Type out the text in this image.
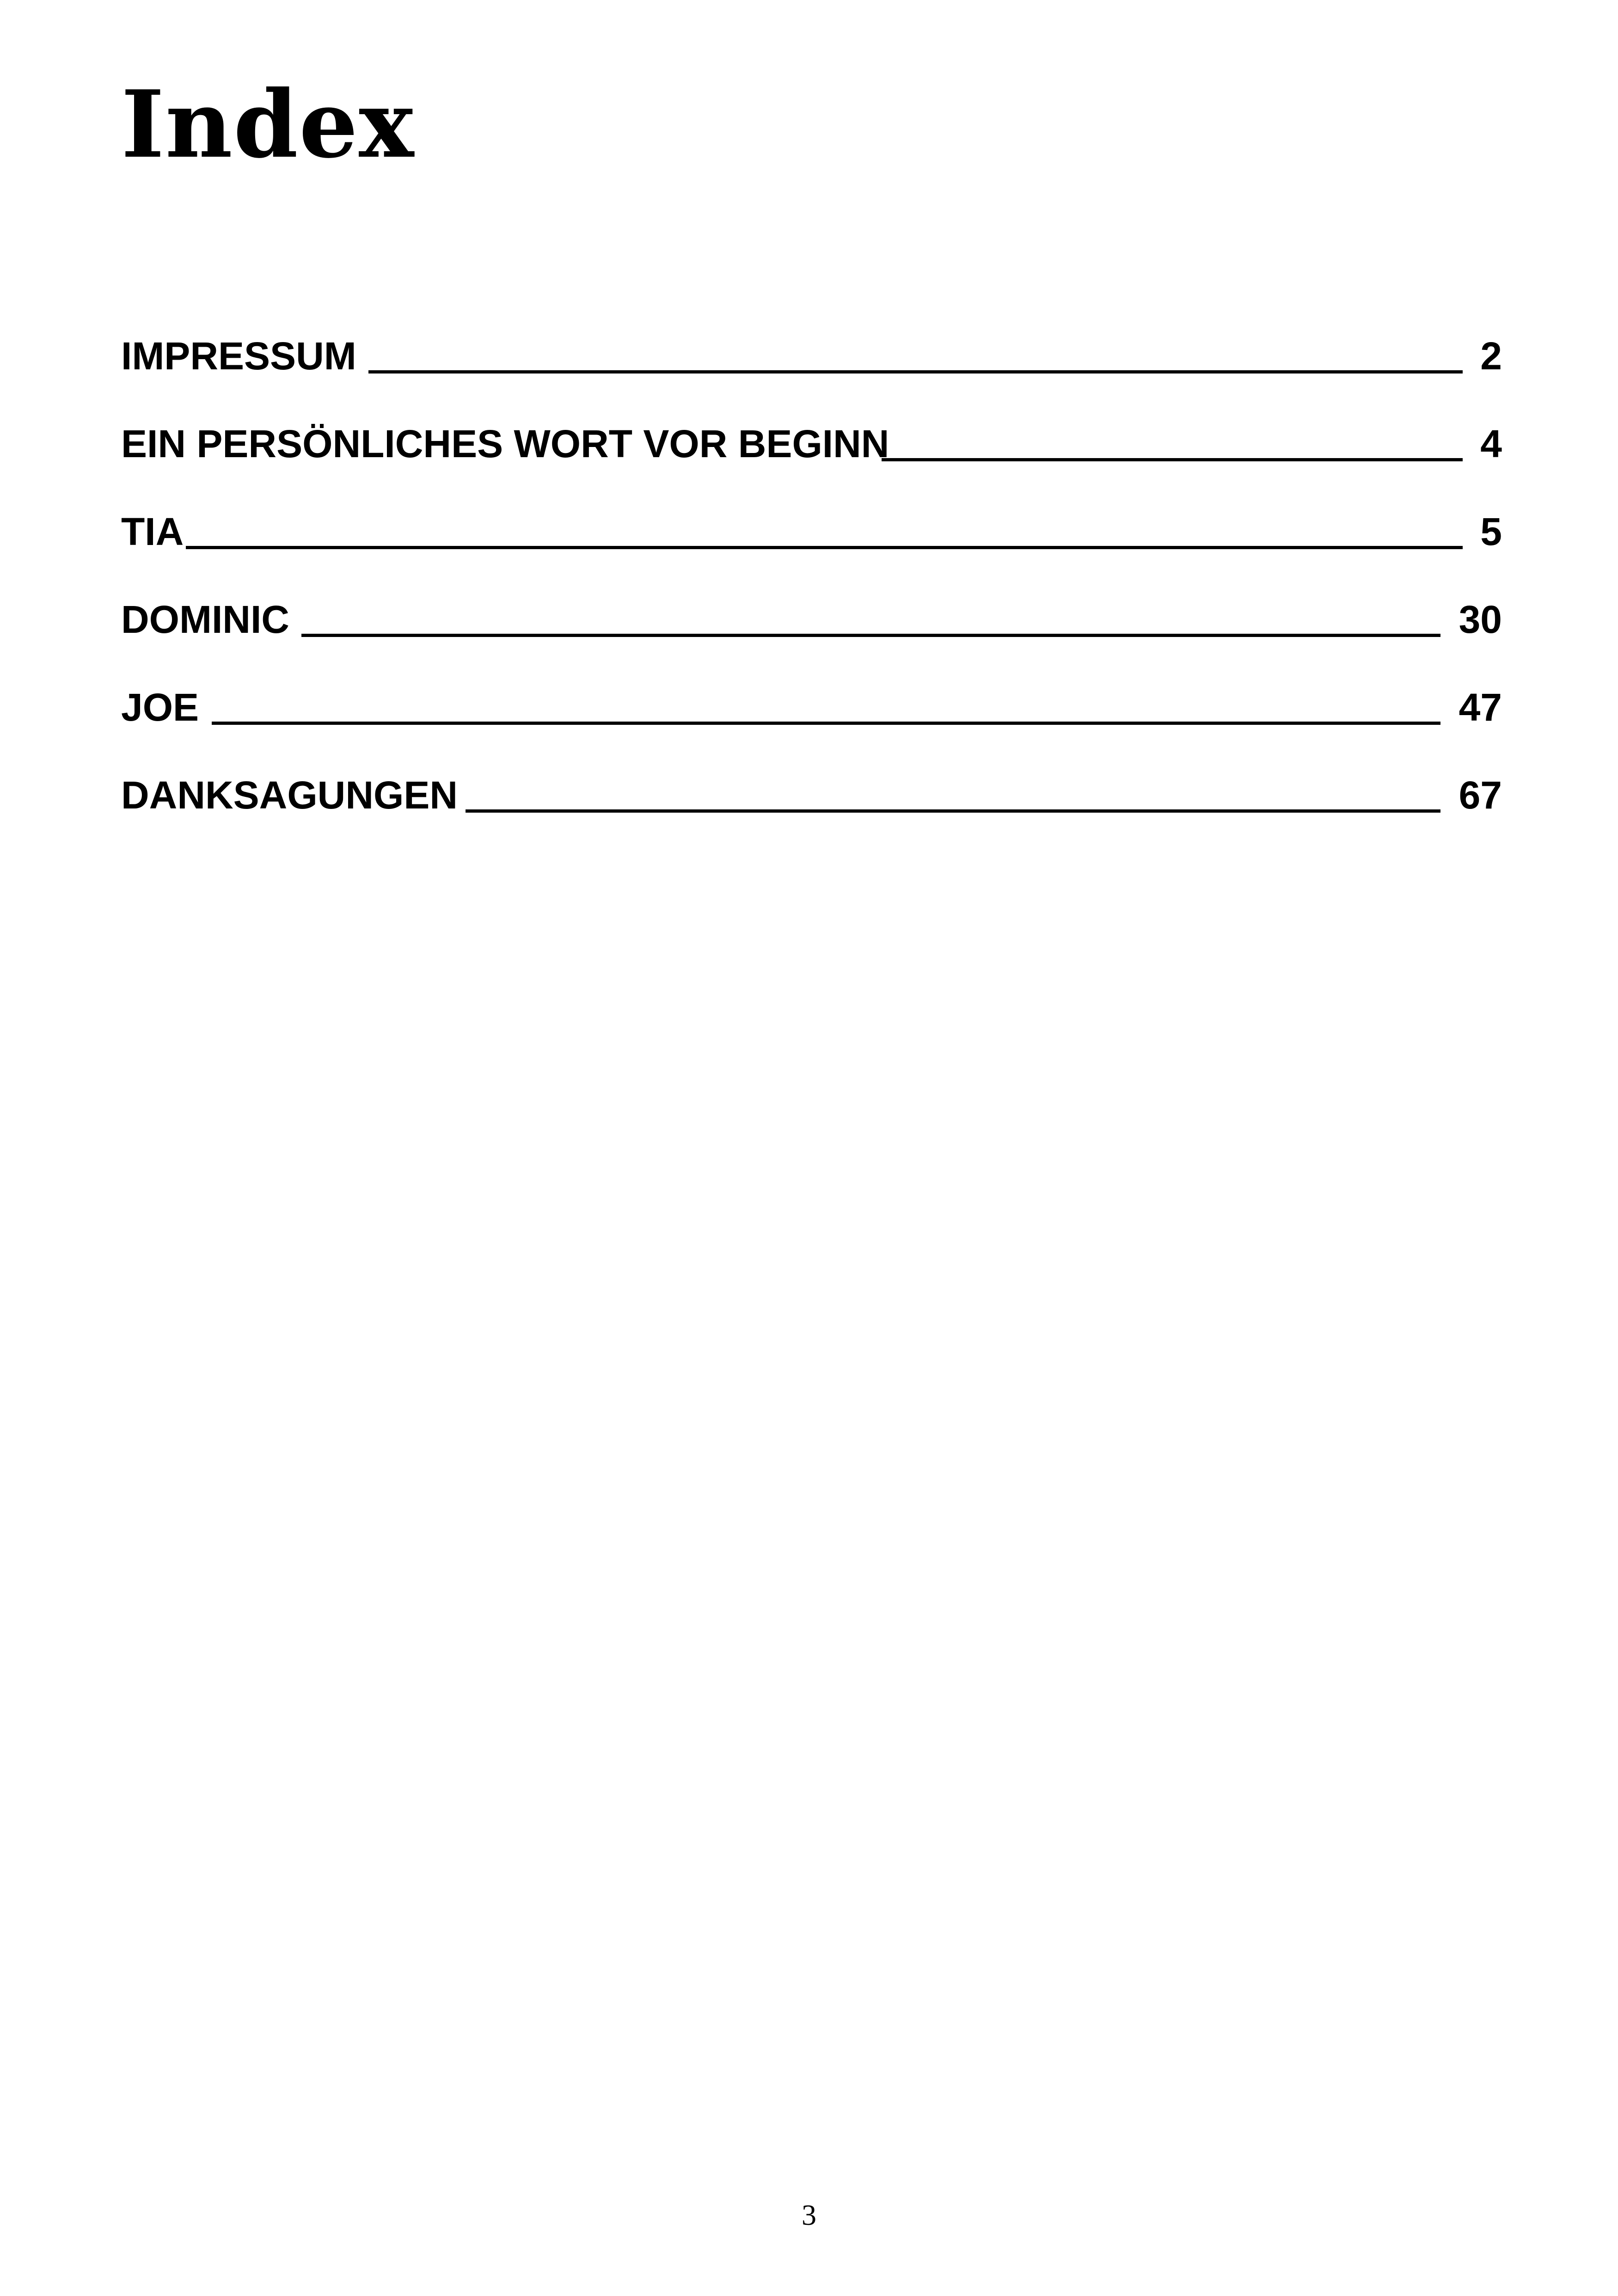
Index
IMPRESSUM	2
EIN PERSÖNLICHES WORT VOR BEGINN	4
TIA	5
DOMINIC	30
JOE	47
DANKSAGUNGEN	67
3
